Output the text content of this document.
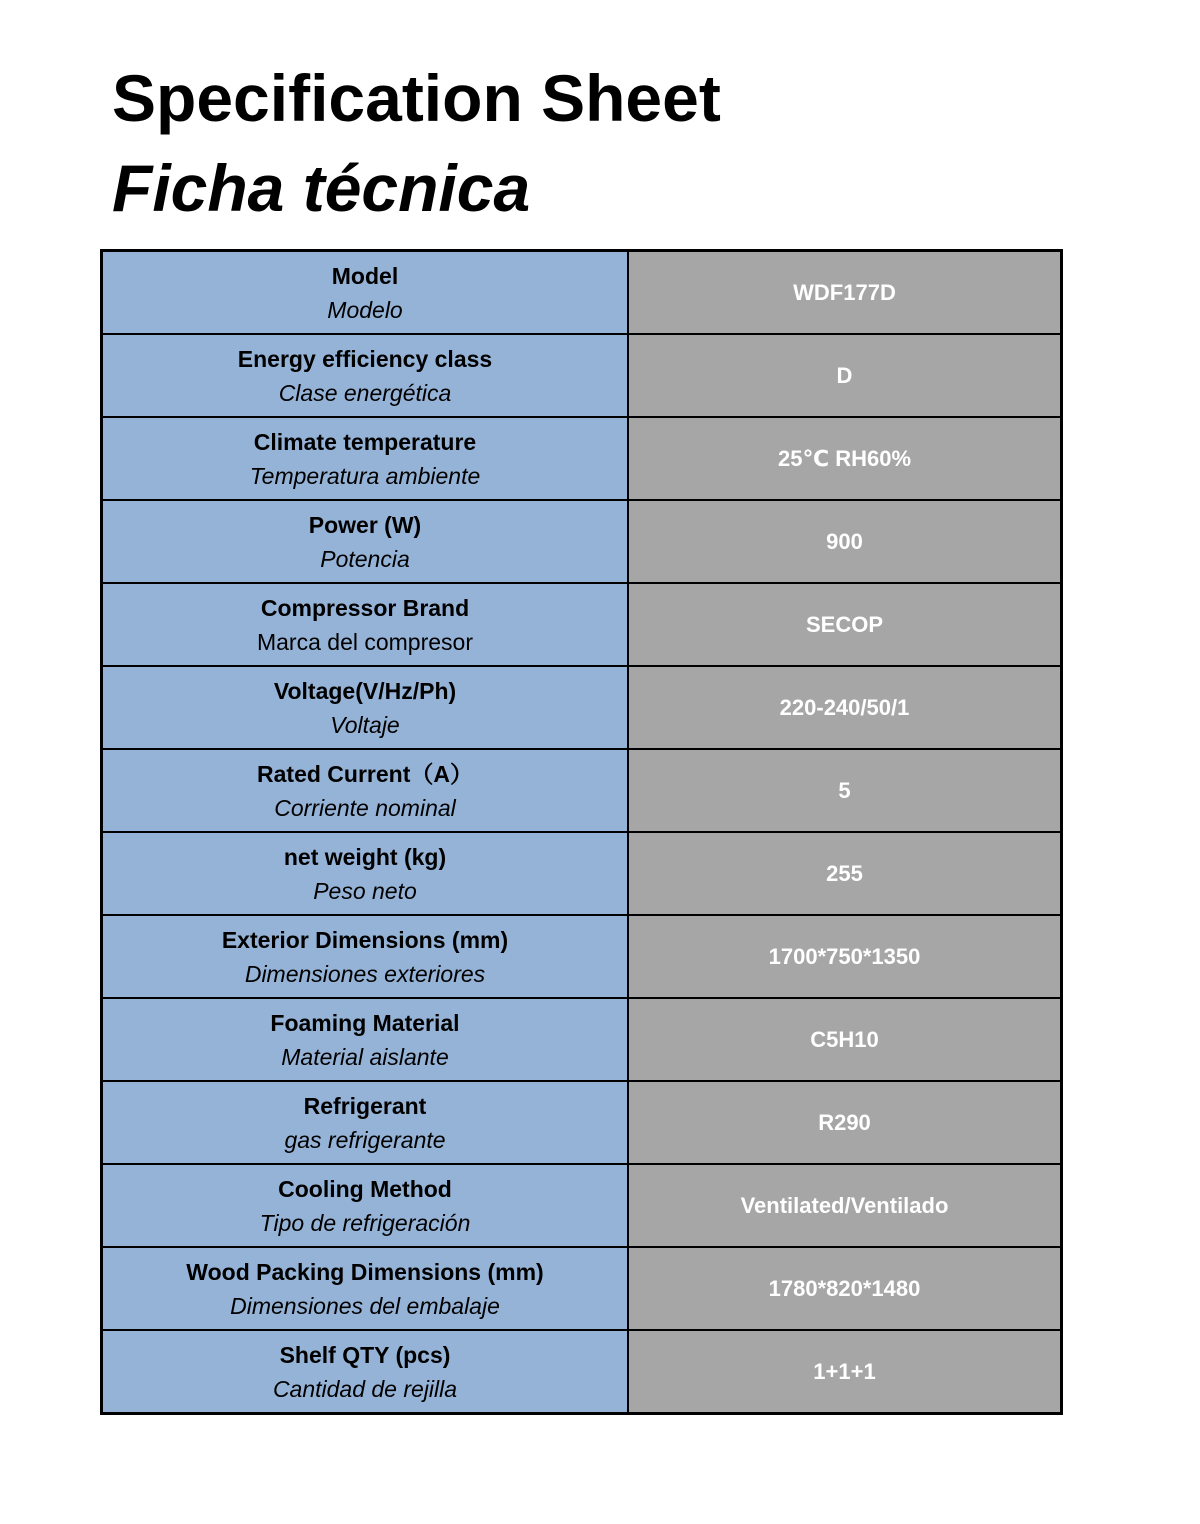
Specification Sheet
Ficha técnica
Model
Modelo	WDF177D

Energy efficiency class
Clase energética	D

Climate temperature
Temperatura ambiente	25℃ RH60%

Power (W)
Potencia	900

Compressor Brand
Marca del compresor	SECOP

Voltage(V/Hz/Ph)
Voltaje	220-240/50/1

Rated Current（A）
Corriente nominal	5

net weight (kg)
Peso neto	255

Exterior Dimensions (mm)
Dimensiones exteriores	1700*750*1350

Foaming Material
Material aislante	C5H10

Refrigerant
gas refrigerante	R290

Cooling Method
Tipo de refrigeración	Ventilated/Ventilado

Wood Packing Dimensions (mm)
Dimensiones del embalaje	1780*820*1480

Shelf QTY (pcs)
Cantidad de rejilla	1+1+1
